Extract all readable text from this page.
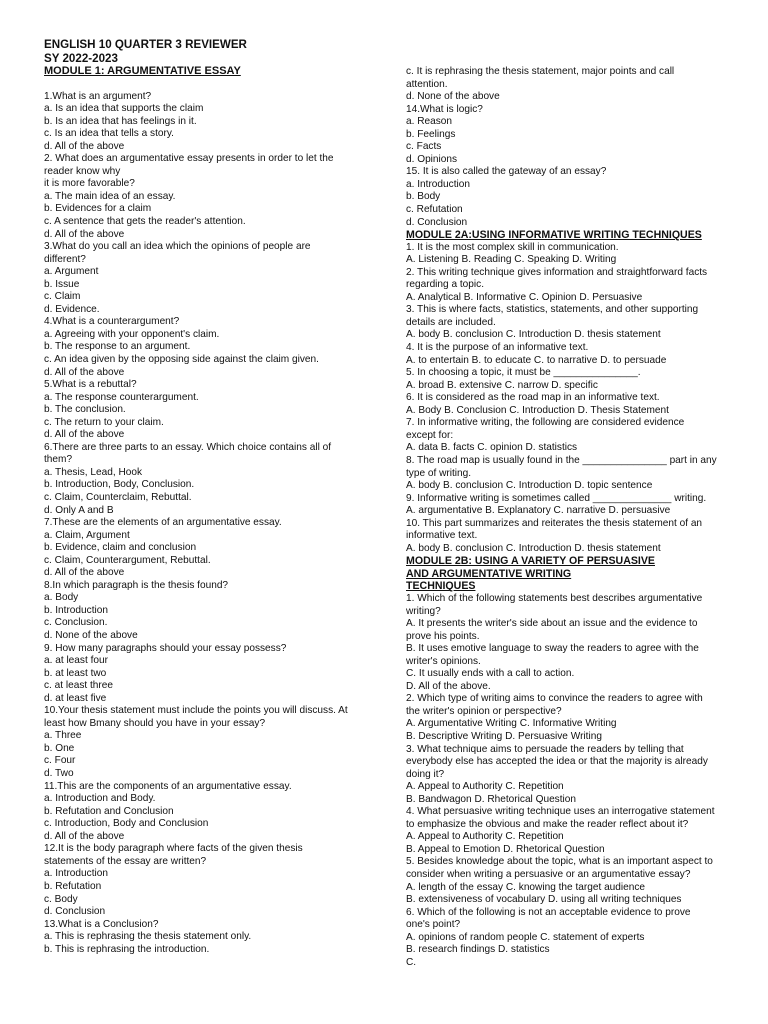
ENGLISH 10 QUARTER 3 REVIEWER
SY 2022-2023
MODULE 1: ARGUMENTATIVE ESSAY
1.What is an argument?
a. Is an idea that supports the claim
b. Is an idea that has feelings in it.
c. Is an idea that tells a story.
d. All of the above
2. What does an argumentative essay presents in order to let the
reader know why
it is more favorable?
a. The main idea of an essay.
b. Evidences for a claim
c. A sentence that gets the reader's attention.
d. All of the above
3.What do you call an idea which the opinions of people are
different?
a. Argument
b. Issue
c. Claim
d. Evidence.
4.What is a counterargument?
a. Agreeing with your opponent's claim.
b. The response to an argument.
c. An idea given by the opposing side against the claim given.
d. All of the above
5.What is a rebuttal?
a. The response counterargument.
b. The conclusion.
c. The return to your claim.
d. All of the above
6.There are three parts to an essay. Which choice contains all of
them?
a. Thesis, Lead, Hook
b. Introduction, Body, Conclusion.
c. Claim, Counterclaim, Rebuttal.
d. Only A and B
7.These are the elements of an argumentative essay.
a. Claim, Argument
b. Evidence, claim and conclusion
c. Claim, Counterargument, Rebuttal.
d. All of the above
8.In which paragraph is the thesis found?
a. Body
b. Introduction
c. Conclusion.
d. None of the above
9. How many paragraphs should your essay possess?
a. at least four
b. at least two
c. at least three
d. at least five
10.Your thesis statement must include the points you will discuss. At
least how Bmany should you have in your essay?
a. Three
b. One
c. Four
d. Two
11.This are the components of an argumentative essay.
a. Introduction and Body.
b. Refutation and Conclusion
c. Introduction, Body and Conclusion
d. All of the above
12.It is the body paragraph where facts of the given thesis
statements of the essay are written?
a. Introduction
b. Refutation
c. Body
d. Conclusion
13.What is a Conclusion?
a. This is rephrasing the thesis statement only.
b. This is rephrasing the introduction.
c. It is rephrasing the thesis statement, major points and call
attention.
d. None of the above
14.What is logic?
a. Reason
b. Feelings
c. Facts
d. Opinions
15. It is also called the gateway of an essay?
a. Introduction
b. Body
c. Refutation
d. Conclusion
MODULE 2A:USING INFORMATIVE WRITING TECHNIQUES
1. It is the most complex skill in communication.
A. Listening B. Reading C. Speaking D. Writing
2. This writing technique gives information and straightforward facts
regarding a topic.
A. Analytical B. Informative C. Opinion D. Persuasive
3. This is where facts, statistics, statements, and other supporting
details are included.
A. body B. conclusion C. Introduction D. thesis statement
4. It is the purpose of an informative text.
A. to entertain B. to educate C. to narrative D. to persuade
5. In choosing a topic, it must be _______________.
A. broad B. extensive C. narrow D. specific
6. It is considered as the road map in an informative text.
A. Body B. Conclusion C. Introduction D. Thesis Statement
7. In informative writing, the following are considered evidence
except for:
A. data B. facts C. opinion D. statistics
8. The road map is usually found in the _______________ part in any
type of writing.
A. body B. conclusion C. Introduction D. topic sentence
9. Informative writing is sometimes called ______________ writing.
A. argumentative B. Explanatory C. narrative D. persuasive
10. This part summarizes and reiterates the thesis statement of an
informative text.
A. body B. conclusion C. Introduction D. thesis statement
MODULE 2B: USING A VARIETY OF PERSUASIVE
AND ARGUMENTATIVE WRITING
TECHNIQUES
1. Which of the following statements best describes argumentative
writing?
A. It presents the writer's side about an issue and the evidence to
prove his points.
B. It uses emotive language to sway the readers to agree with the
writer's opinions.
C. It usually ends with a call to action.
D. All of the above.
2. Which type of writing aims to convince the readers to agree with
the writer's opinion or perspective?
A. Argumentative Writing C. Informative Writing
B. Descriptive Writing D. Persuasive Writing
3. What technique aims to persuade the readers by telling that
everybody else has accepted the idea or that the majority is already
doing it?
A. Appeal to Authority C. Repetition
B. Bandwagon D. Rhetorical Question
4. What persuasive writing technique uses an interrogative statement
to emphasize the obvious and make the reader reflect about it?
A. Appeal to Authority C. Repetition
B. Appeal to Emotion D. Rhetorical Question
5. Besides knowledge about the topic, what is an important aspect to
consider when writing a persuasive or an argumentative essay?
A. length of the essay C. knowing the target audience
B. extensiveness of vocabulary D. using all writing techniques
6. Which of the following is not an acceptable evidence to prove
one's point?
A. opinions of random people C. statement of experts
B. research findings D. statistics
C.
